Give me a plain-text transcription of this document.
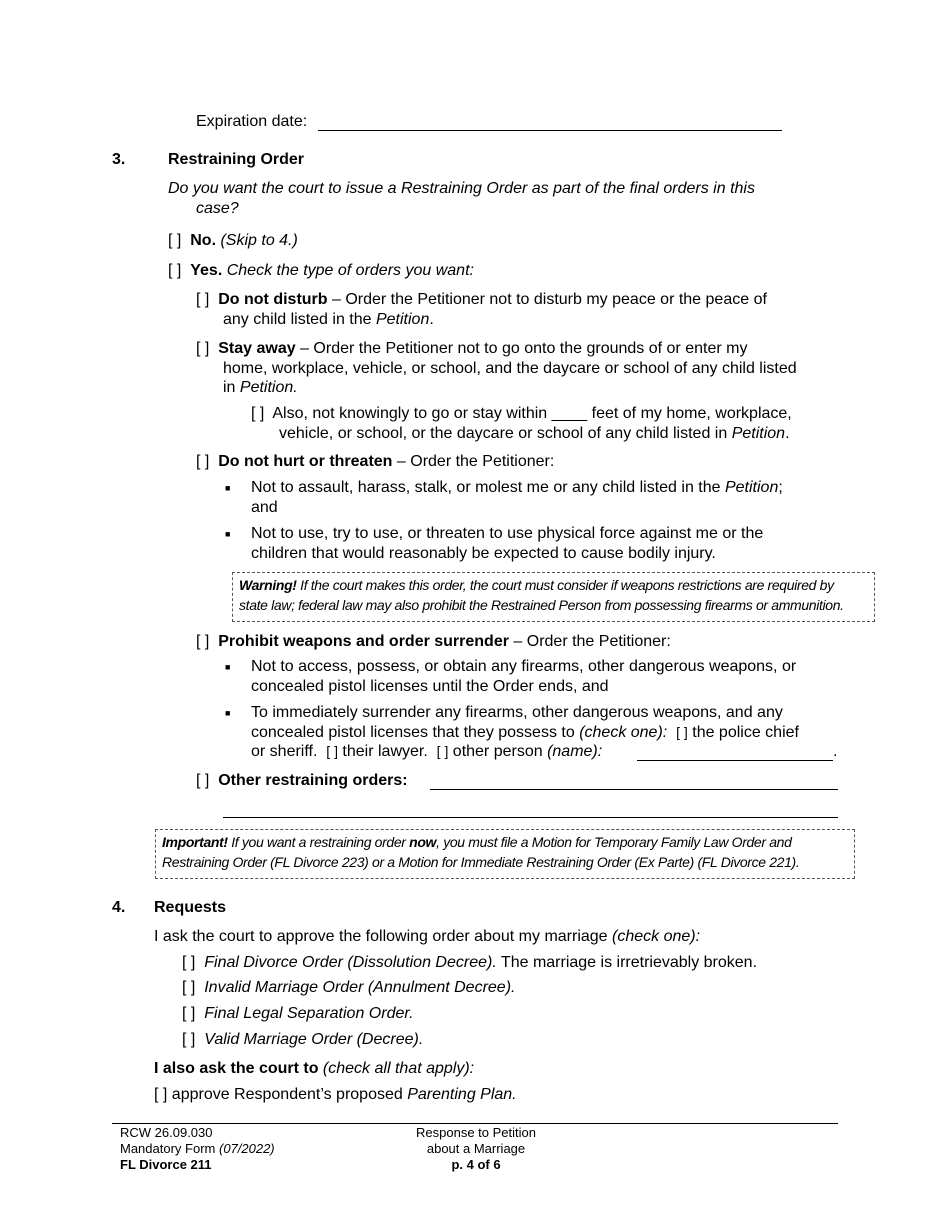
Expiration date:
3.	Restraining Order
Do you want the court to issue a Restraining Order as part of the final orders in this
case?
[ ] No. (Skip to 4.)
[ ] Yes. Check the type of orders you want:
[ ] Do not disturb – Order the Petitioner not to disturb my peace or the peace of
any child listed in the Petition.
[ ] Stay away – Order the Petitioner not to go onto the grounds of or enter my
home, workplace, vehicle, or school, and the daycare or school of any child listed
in Petition.
[ ] Also, not knowingly to go or stay within ____ feet of my home, workplace,
vehicle, or school, or the daycare or school of any child listed in Petition.
[ ] Do not hurt or threaten – Order the Petitioner:
■ Not to assault, harass, stalk, or molest me or any child listed in the Petition;
and
■ Not to use, try to use, or threaten to use physical force against me or the
children that would reasonably be expected to cause bodily injury.
Warning! If the court makes this order, the court must consider if weapons restrictions are required by
state law; federal law may also prohibit the Restrained Person from possessing firearms or ammunition.
[ ] Prohibit weapons and order surrender – Order the Petitioner:
■ Not to access, possess, or obtain any firearms, other dangerous weapons, or
concealed pistol licenses until the Order ends, and
■ To immediately surrender any firearms, other dangerous weapons, and any
concealed pistol licenses that they possess to (check one): [ ] the police chief
or sheriff. [ ] their lawyer. [ ] other person (name):	.
[ ] Other restraining orders:
Important! If you want a restraining order now, you must file a Motion for Temporary Family Law Order and
Restraining Order (FL Divorce 223) or a Motion for Immediate Restraining Order (Ex Parte) (FL Divorce 221).
4. Requests
I ask the court to approve the following order about my marriage (check one):
[ ] Final Divorce Order (Dissolution Decree). The marriage is irretrievably broken.
[ ] Invalid Marriage Order (Annulment Decree).
[ ] Final Legal Separation Order.
[ ] Valid Marriage Order (Decree).
I also ask the court to (check all that apply):
[ ] approve Respondent’s proposed Parenting Plan.
RCW 26.09.030
Mandatory Form (07/2022)
FL Divorce 211
Response to Petition
about a Marriage
p. 4 of 6
